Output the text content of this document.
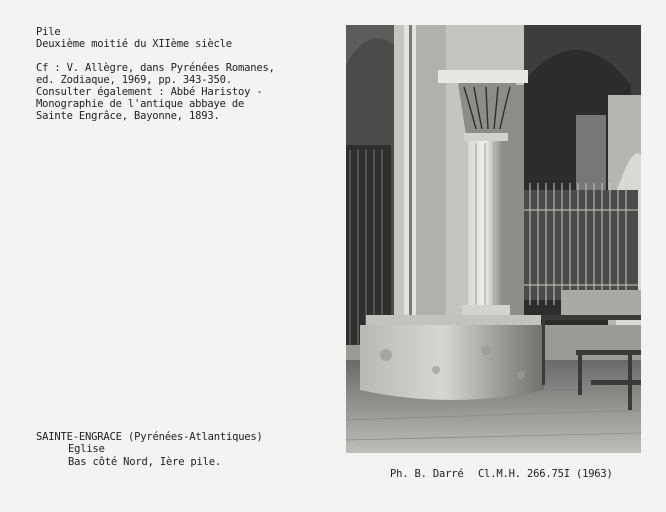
Pile
Deuxième moitié du XIIème siècle
Cf : V. Allègre, dans Pyrénées Romanes,
ed. Zodiaque, 1969, pp. 343-350.
Consulter également : Abbé Haristoy -
Monographie de l'antique abbaye de
Sainte Engrâce, Bayonne, 1893.
SAINTE-ENGRACE (Pyrénées-Atlantiques)
Eglise
Bas côté Nord, Ière pile.
Ph. B. Darré Cl.M.H. 266.75I (1963)
